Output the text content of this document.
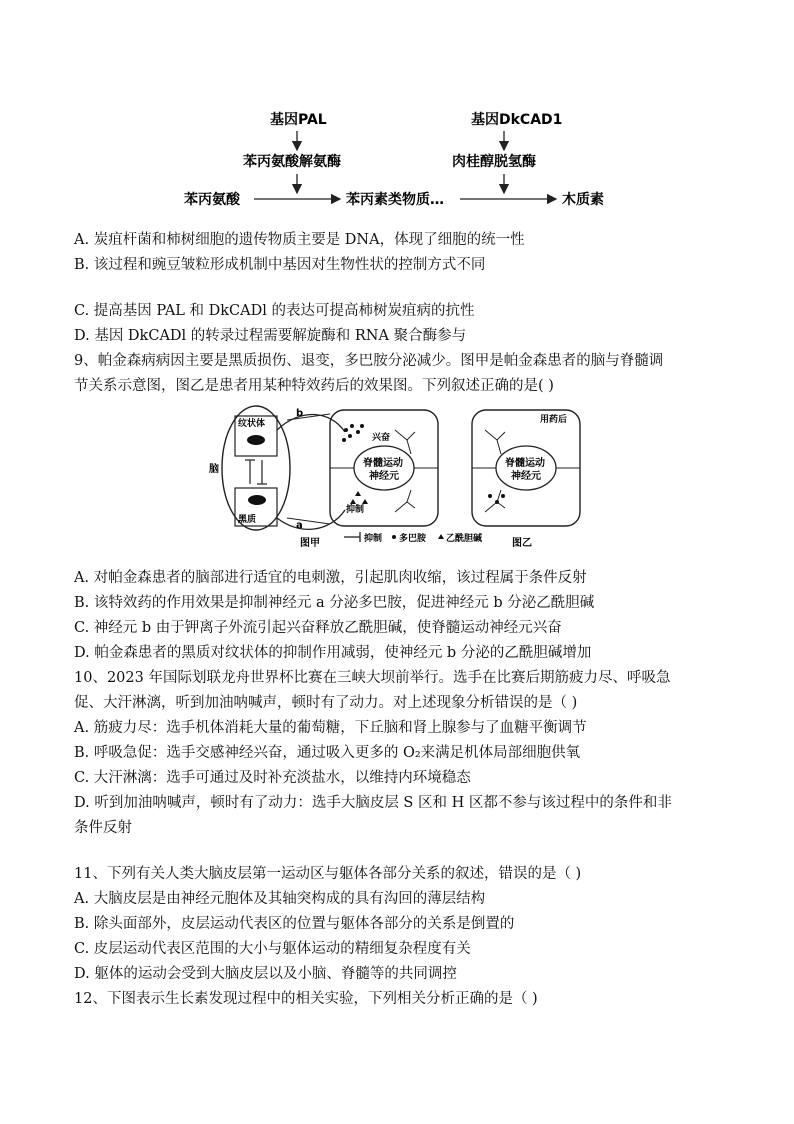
基因PAL
苯丙氨酸解氨酶
基因DkCAD1
肉桂醇脱氢酶
苯丙氨酸	苯丙素类物质…	木质素
A. 炭疽杆菌和柿树细胞的遗传物质主要是 DNA，体现了细胞的统一性
B. 该过程和豌豆皱粒形成机制中基因对生物性状的控制方式不同
C. 提高基因 PAL 和 DkCADl 的表达可提高柿树炭疽病的抗性
D. 基因 DkCADl 的转录过程需要解旋酶和 RNA 聚合酶参与
9、帕金森病病因主要是黑质损伤、退变，多巴胺分泌减少。图甲是帕金森患者的脑与脊髓调
节关系示意图，图乙是患者用某种特效药后的效果图。下列叙述正确的是( )
脑
纹状体
黑质
b
a
兴奋
抑制
脊髓运动
神经元
图甲	抑制 多巴胺 乙酰胆碱
用药后
脊髓运动
神经元
图乙
A. 对帕金森患者的脑部进行适宜的电刺激，引起肌肉收缩，该过程属于条件反射
B. 该特效药的作用效果是抑制神经元 a 分泌多巴胺，促进神经元 b 分泌乙酰胆碱
C. 神经元 b 由于钾离子外流引起兴奋释放乙酰胆碱，使脊髓运动神经元兴奋
D. 帕金森患者的黑质对纹状体的抑制作用减弱，使神经元 b 分泌的乙酰胆碱增加
10、2023 年国际划联龙舟世界杯比赛在三峡大坝前举行。选手在比赛后期筋疲力尽、呼吸急
促、大汗淋漓，听到加油呐喊声，顿时有了动力。对上述现象分析错误的是（ )
A. 筋疲力尽：选手机体消耗大量的葡萄糖，下丘脑和肾上腺参与了血糖平衡调节
B. 呼吸急促：选手交感神经兴奋，通过吸入更多的 O₂来满足机体局部细胞供氧
C. 大汗淋漓：选手可通过及时补充淡盐水，以维持内环境稳态
D. 听到加油呐喊声，顿时有了动力：选手大脑皮层 S 区和 H 区都不参与该过程中的条件和非
条件反射
11、下列有关人类大脑皮层第一运动区与躯体各部分关系的叙述，错误的是（ )
A. 大脑皮层是由神经元胞体及其轴突构成的具有沟回的薄层结构
B. 除头面部外，皮层运动代表区的位置与躯体各部分的关系是倒置的
C. 皮层运动代表区范围的大小与躯体运动的精细复杂程度有关
D. 躯体的运动会受到大脑皮层以及小脑、脊髓等的共同调控
12、下图表示生长素发现过程中的相关实验，下列相关分析正确的是（ )
